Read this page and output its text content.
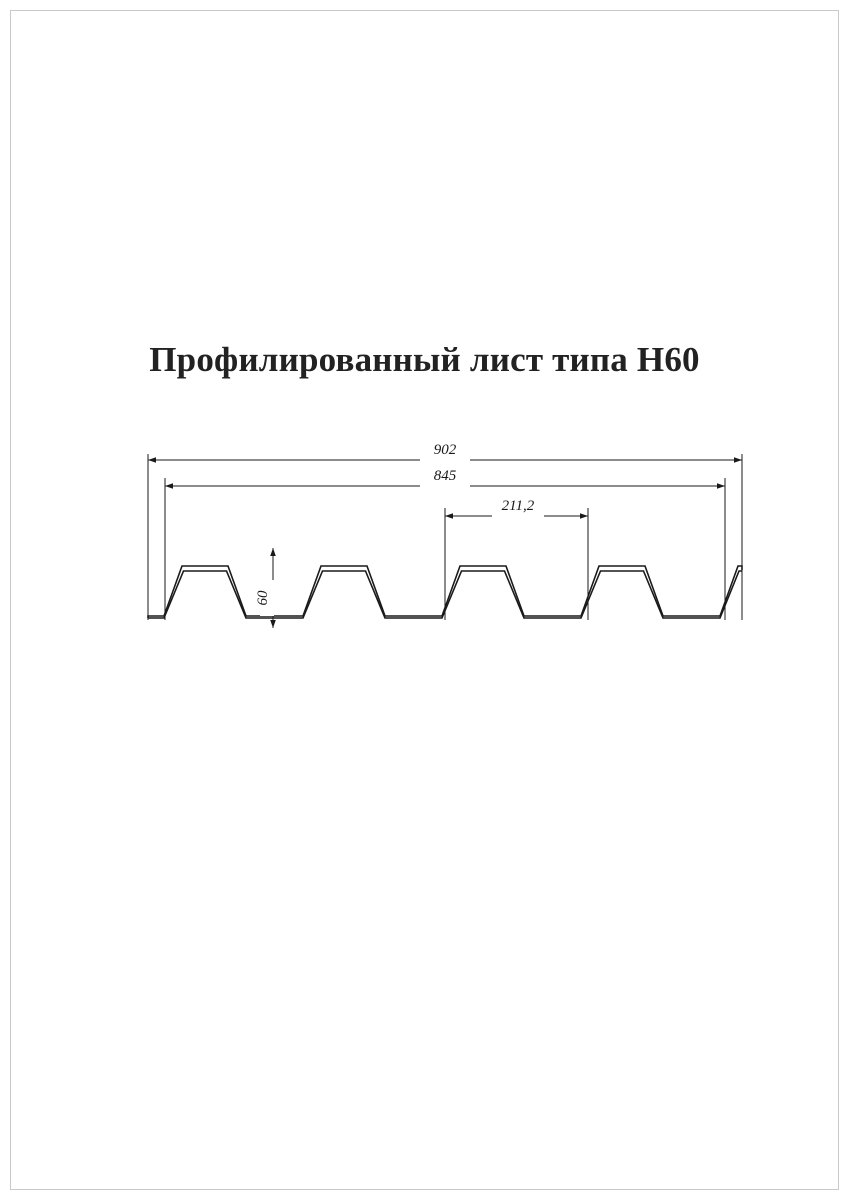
Профилированный лист типа Н60
902
845
211,2
60
